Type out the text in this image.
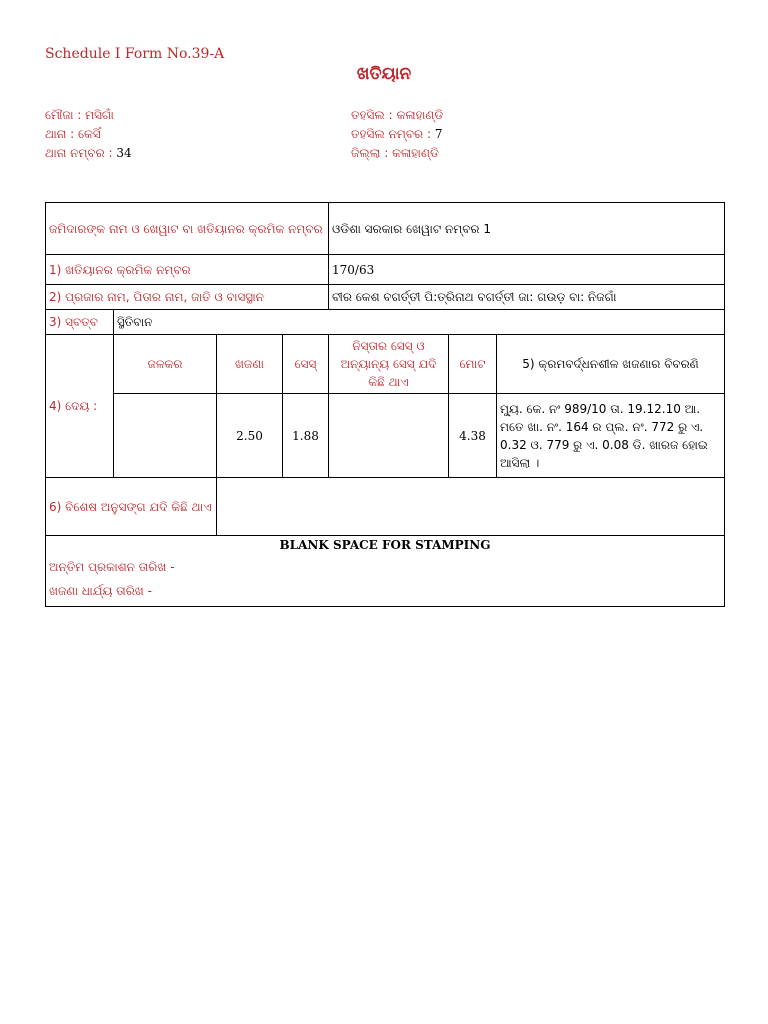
Schedule I Form No.39-A
ଖତିୟାନ
ମୌଜା : ମସିଗାଁ
ଥାନା : କେସିଁ
ଥାନା ନମ୍ବର : 34
ତହସିଲ : କଳାହାଣ୍ଡି
ତହସିଲ ନମ୍ବର : 7
ଜିଲ୍ଲା : କଳାହାଣ୍ଡି
ଜମିଦାରଙ୍କ ନାମ ଓ ଖେୱାଟ ବା ଖତିୟାନର କ୍ରମିକ ନମ୍ବର				ଓଡିଶା ସରକାର ଖେୱାଟ ନମ୍ବର 1		
1) ଖତିୟାନର କ୍ରମିକ ନମ୍ବର				170/63		
2) ପ୍ରଜାର ନାମ, ପିତାର ନାମ, ଜାତି ଓ ବାସସ୍ଥାନ				ବୀର କେଶ ବଗର୍ତ୍ତୀ ପି:ତ୍ରିନାଥ ବଗର୍ତ୍ତୀ ଜା: ଗଉଡ଼ ବା: ନିଜଗାଁ		
3) ସ୍ବତ୍ବ	ସ୍ଥିତିବାନ					
4) ଦେୟ :	ଜଳକର	ଖଜଣା	ସେସ୍	ନିସ୍ତାର ସେସ୍ ଓ ଅନ୍ୟାନ୍ୟ ସେସ୍ ଯଦି କିଛି ଥାଏ	ମୋଟ	5) କ୍ରମବର୍ଦ୍ଧନଶୀଳ ଖଜଣାର ବିବରଣି
		2.50	1.88		4.38	ମ୍ୟୁ. କେ. ନଂ 989/10 ତା. 19.12.10 ଆ. ମତେ ଖା. ନଂ. 164 ର ପ୍ଲ. ନଂ. 772 ରୁ ଏ. 0.32 ଓ. 779 ରୁ ଏ. 0.08 ଡି. ଖାରଜ ହୋଇ ଆସିଲା ।
6) ବିଶେଷ ଅନୁସଙ୍ଗ ଯଦି କିଛି ଥାଏ						

BLANK SPACE FOR STAMPING
ଅନ୍ତିମ ପ୍ରକାଶନ ତାରିଖ -
ଖଜଣା ଧାର୍ଯ୍ୟ ତାରିଖ -						
